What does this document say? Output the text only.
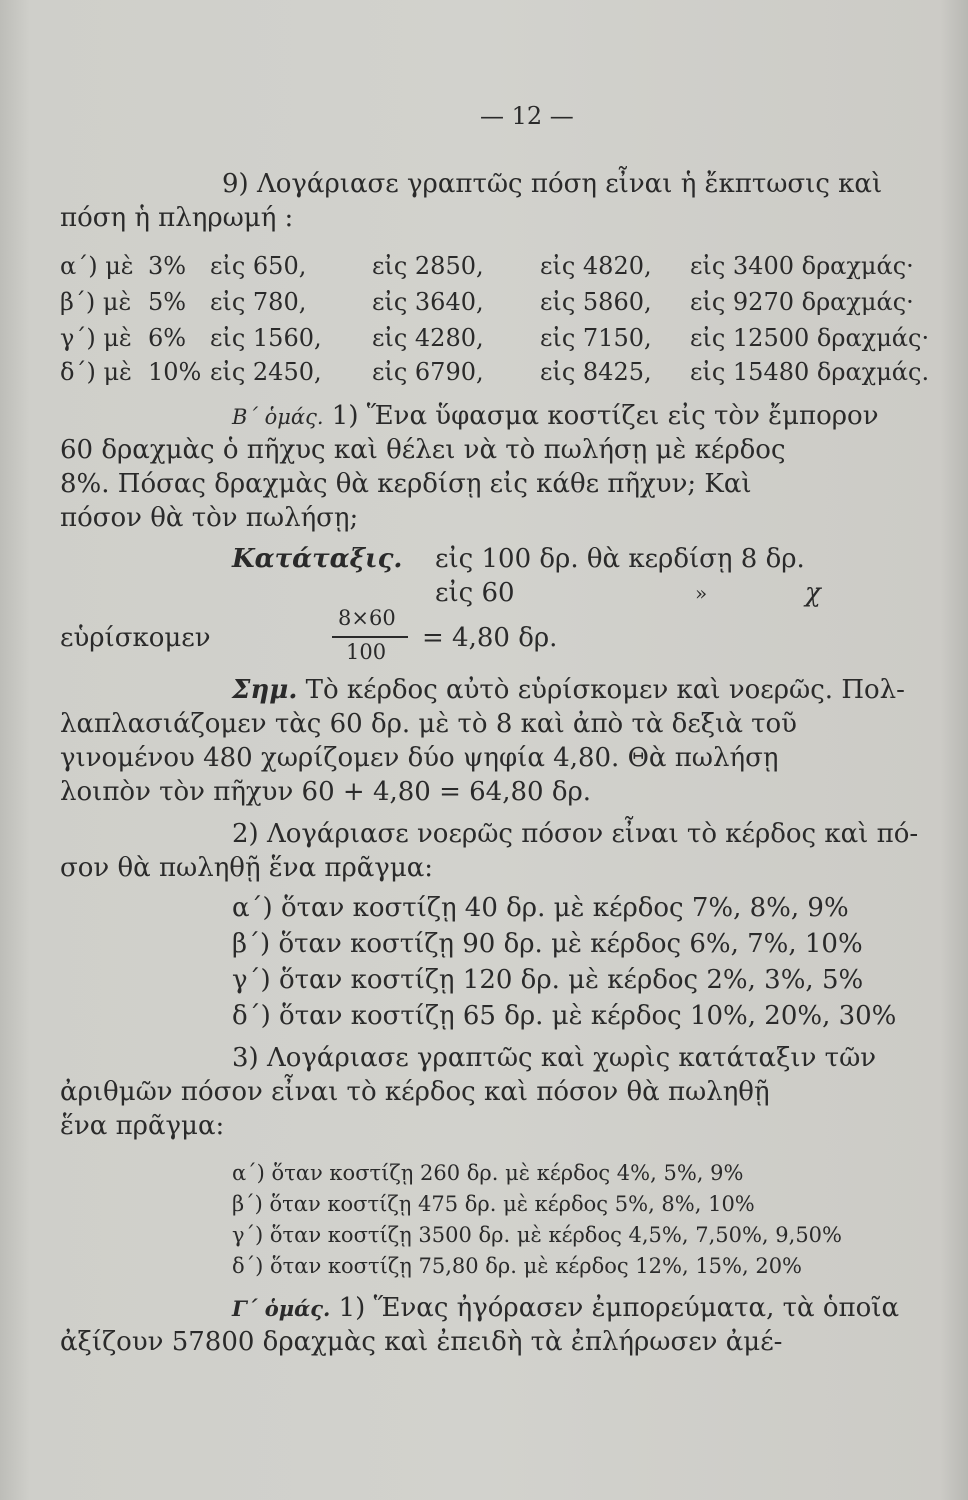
— 12 —
9) Λογάριασε γραπτῶς πόση εἶναι ἡ ἔκπτωσις καὶ
πόση ἡ πληρωμή :
α΄) μὲ 3% εἰς 650,	εἰς 2850, εἰς 4820, εἰς 3400 δραχμάς·
β΄) μὲ 5% εἰς 780,	εἰς 3640, εἰς 5860, εἰς 9270 δραχμάς·
γ΄) μὲ 6% εἰς 1560, εἰς 4280, εἰς 7150, εἰς 12500 δραχμάς·
δ΄) μὲ 10% εἰς 2450, εἰς 6790, εἰς 8425, εἰς 15480 δραχμάς.
Β΄ ὁμάς. 1) Ἕνα ὕφασμα κοστίζει εἰς τὸν ἔμπορον
60 δραχμὰς ὁ πῆχυς καὶ θέλει νὰ τὸ πωλήσῃ μὲ κέρδος
8%. Πόσας δραχμὰς θὰ κερδίσῃ εἰς κάθε πῆχυν; Καὶ
πόσον θὰ τὸν πωλήσῃ;
Κατάταξις. εἰς 100 δρ. θὰ κερδίσῃ 8 δρ.
εἰς 60	»	χ
εὑρίσκομεν
8×60
100 = 4,80 δρ.
Σημ. Τὸ κέρδος αὐτὸ εὑρίσκομεν καὶ νοερῶς. Πολ-
λαπλασιάζομεν τὰς 60 δρ. μὲ τὸ 8 καὶ ἀπὸ τὰ δεξιὰ τοῦ
γινομένου 480 χωρίζομεν δύο ψηφία 4,80. Θὰ πωλήσῃ
λοιπὸν τὸν πῆχυν 60 + 4,80 = 64,80 δρ.
2) Λογάριασε νοερῶς πόσον εἶναι τὸ κέρδος καὶ πό-
σον θὰ πωληθῇ ἕνα πρᾶγμα:
α΄) ὅταν κοστίζῃ 40 δρ. μὲ κέρδος 7%, 8%, 9%
β΄) ὅταν κοστίζῃ 90 δρ. μὲ κέρδος 6%, 7%, 10%
γ΄) ὅταν κοστίζῃ 120 δρ. μὲ κέρδος 2%, 3%, 5%
δ΄) ὅταν κοστίζῃ 65 δρ. μὲ κέρδος 10%, 20%, 30%
3) Λογάριασε γραπτῶς καὶ χωρὶς κατάταξιν τῶν
ἀριθμῶν πόσον εἶναι τὸ κέρδος καὶ πόσον θὰ πωληθῇ
ἕνα πρᾶγμα:
α΄) ὅταν κοστίζῃ 260 δρ. μὲ κέρδος 4%, 5%, 9%
β΄) ὅταν κοστίζῃ 475 δρ. μὲ κέρδος 5%, 8%, 10%
γ΄) ὅταν κοστίζῃ 3500 δρ. μὲ κέρδος 4,5%, 7,50%, 9,50%
δ΄) ὅταν κοστίζῃ 75,80 δρ. μὲ κέρδος 12%, 15%, 20%
Γ΄ ὁμάς. 1) Ἕνας ἠγόρασεν ἐμπορεύματα, τὰ ὁποῖα
ἀξίζουν 57800 δραχμὰς καὶ ἐπειδὴ τὰ ἐπλήρωσεν ἀμέ-
